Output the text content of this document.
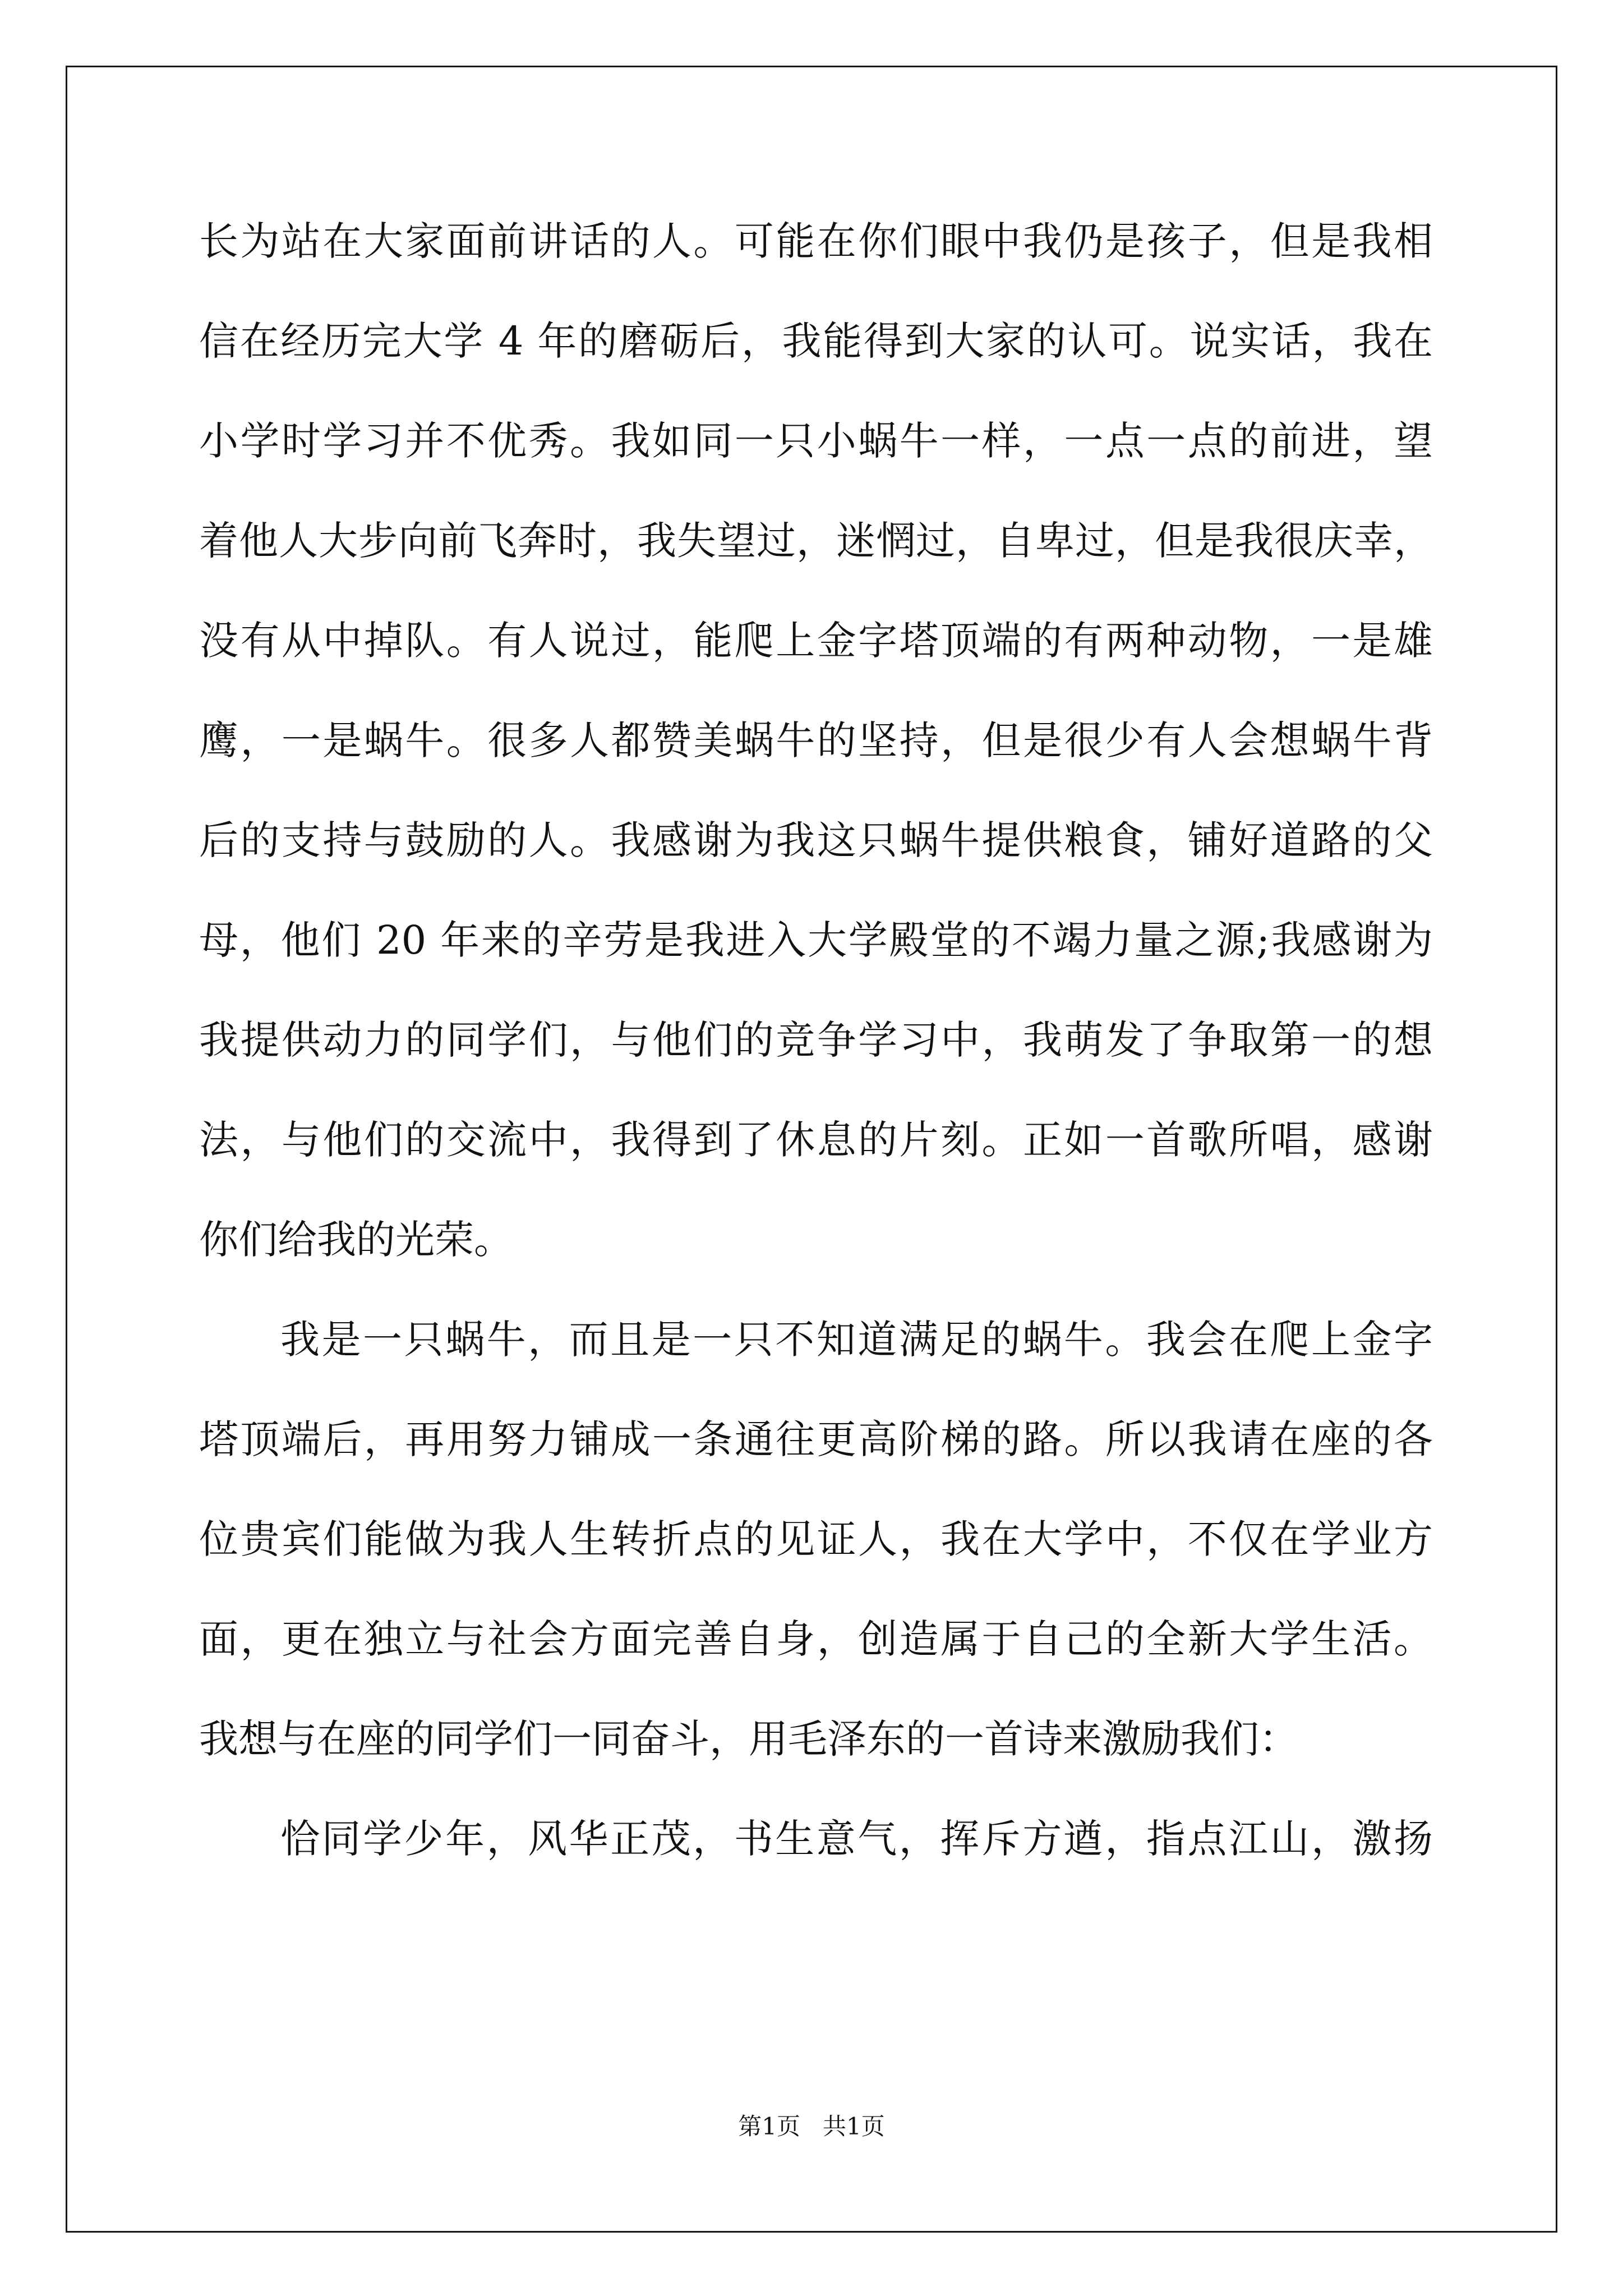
长为站在大家面前讲话的人。可能在你们眼中我仍是孩子，但是我相
信在经历完大学 4 年的磨砺后，我能得到大家的认可。说实话，我在
小学时学习并不优秀。我如同一只小蜗牛一样，一点一点的前进，望
着他人大步向前飞奔时，我失望过，迷惘过，自卑过，但是我很庆幸，
没有从中掉队。有人说过，能爬上金字塔顶端的有两种动物，一是雄
鹰，一是蜗牛。很多人都赞美蜗牛的坚持，但是很少有人会想蜗牛背
后的支持与鼓励的人。我感谢为我这只蜗牛提供粮食，铺好道路的父
母，他们 20 年来的辛劳是我进入大学殿堂的不竭力量之源;我感谢为
我提供动力的同学们，与他们的竞争学习中，我萌发了争取第一的想
法，与他们的交流中，我得到了休息的片刻。正如一首歌所唱，感谢
你们给我的光荣。
我是一只蜗牛，而且是一只不知道满足的蜗牛。我会在爬上金字
塔顶端后，再用努力铺成一条通往更高阶梯的路。所以我请在座的各
位贵宾们能做为我人生转折点的见证人，我在大学中，不仅在学业方
面，更在独立与社会方面完善自身，创造属于自己的全新大学生活。
我想与在座的同学们一同奋斗，用毛泽东的一首诗来激励我们：
恰同学少年，风华正茂，书生意气，挥斥方遒，指点江山，激扬
第1页   共1页
